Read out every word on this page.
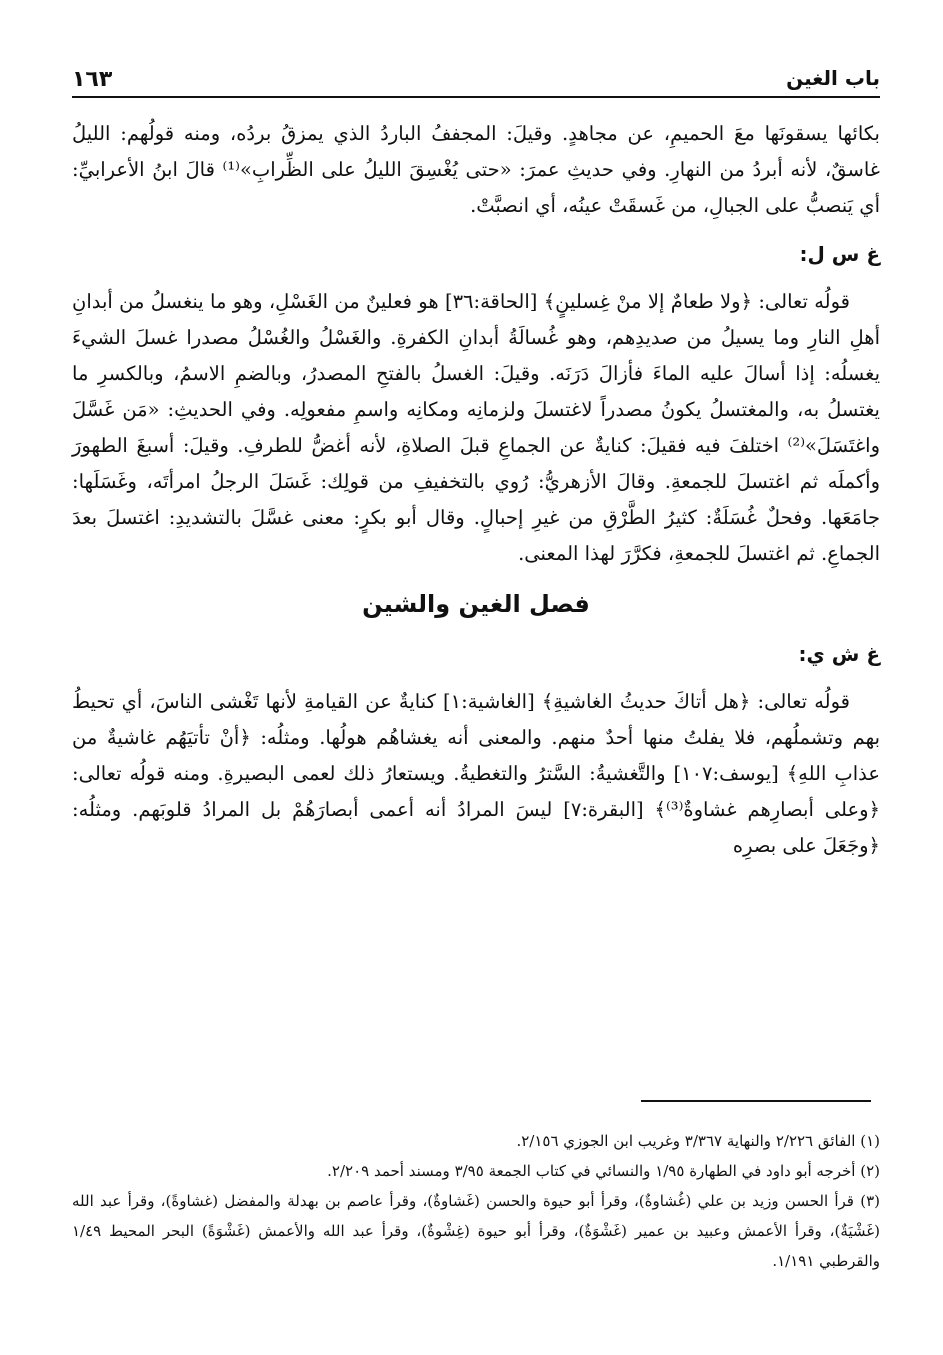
باب الغين
١٦٣

بكائها يسقونَها معَ الحميمِ، عن مجاهدٍ. وقيلَ: المجففُ الباردُ الذي يمزقُ بردُه، ومنه قولُهم: الليلُ غاسقٌ، لأنه أبردُ من النهارِ. وفي حديثِ عمرَ: «حتى يُغْسِقَ الليلُ على الظِّرابِ»⁽¹⁾ قالَ ابنُ الأعرابيِّ: أي يَنصبُّ على الجبالِ، من غَسقَتْ عينُه، أي انصبَّتْ.

غ س ل:

قولُه تعالى: ﴿ولا طعامٌ إلا منْ غِسلينٍ﴾ [الحاقة:٣٦] هو فعلينٌ من الغَسْلِ، وهو ما ينغسلُ من أبدانِ أهلِ النارِ وما يسيلُ من صديدِهم، وهو غُسالَةُ أبدانِ الكفرةِ. والغَسْلُ والغُسْلُ مصدرا غسلَ الشيءَ يغسلُه: إذا أسالَ عليه الماءَ فأزالَ دَرَنَه. وقيلَ: الغسلُ بالفتحِ المصدرُ، وبالضمِ الاسمُ، وبالكسرِ ما يغتسلُ به، والمغتسلُ يكونُ مصدراً لاغتسلَ ولزمانِه ومكانِه واسمِ مفعولِه. وفي الحديثِ: «مَن غَسَّلَ واغتَسَلَ»⁽²⁾ اختلفَ فيه فقيلَ: كنايةٌ عن الجماعِ قبلَ الصلاةِ، لأنه أغضُّ للطرفِ. وقيلَ: أسبغَ الطهورَ وأكملَه ثم اغتسلَ للجمعةِ. وقالَ الأزهريُّ: رُوي بالتخفيفِ من قولِك: غَسَلَ الرجلُ امرأتَه، وغَسَلَها: جامَعَها. وفحلٌ غُسَلَةٌ: كثيرُ الطَّرْقِ من غيرِ إحبالٍ. وقال أبو بكرٍ: معنى غسَّلَ بالتشديدِ: اغتسلَ بعدَ الجماعِ. ثم اغتسلَ للجمعةِ، فكرَّرَ لهذا المعنى.

فصل الغين والشين
غ ش ي:

قولُه تعالى: ﴿هل أتاكَ حديثُ الغاشيةِ﴾ [الغاشية:١] كنايةٌ عن القيامةِ لأنها تَغْشى الناسَ، أي تحيطُ بهم وتشملُهم، فلا يفلتُ منها أحدٌ منهم. والمعنى أنه يغشاهُم هولُها. ومثلُه: ﴿أنْ تأتيَهُم غاشيةٌ من عذابِ اللهِ﴾ [يوسف:١٠٧] والتَّغشيةُ: السَّترُ والتغطيةُ. ويستعارُ ذلك لعمى البصيرةِ. ومنه قولُه تعالى: ﴿وعلى أبصارِهم غشاوةٌ⁽³⁾﴾ [البقرة:٧] ليسَ المرادُ أنه أعمى أبصارَهُمْ بل المرادُ قلوبَهم. ومثلُه: ﴿وجَعَلَ على بصرِه

(١) الفائق ٢/٢٢٦ والنهاية ٣/٣٦٧ وغريب ابن الجوزي ٢/١٥٦.

(٢) أخرجه أبو داود في الطهارة ١/٩٥ والنسائي في كتاب الجمعة ٣/٩٥ ومسند أحمد ٢/٢٠٩.

(٣) قرأ الحسن وزيد بن علي (غُشاوةٌ)، وقرأ أبو حيوة والحسن (غَشاوةٌ)، وقرأ عاصم بن بهدلة والمفضل (غشاوةً)، وقرأ عبد الله (غَشْيَةٌ)، وقرأ الأعمش وعبيد بن عمير (غَشْوَةٌ)، وقرأ أبو حيوة (غِشْوةٌ)، وقرأ عبد الله والأعمش (غَشْوَةً) البحر المحيط ١/٤٩ والقرطبي ١/١٩١.
